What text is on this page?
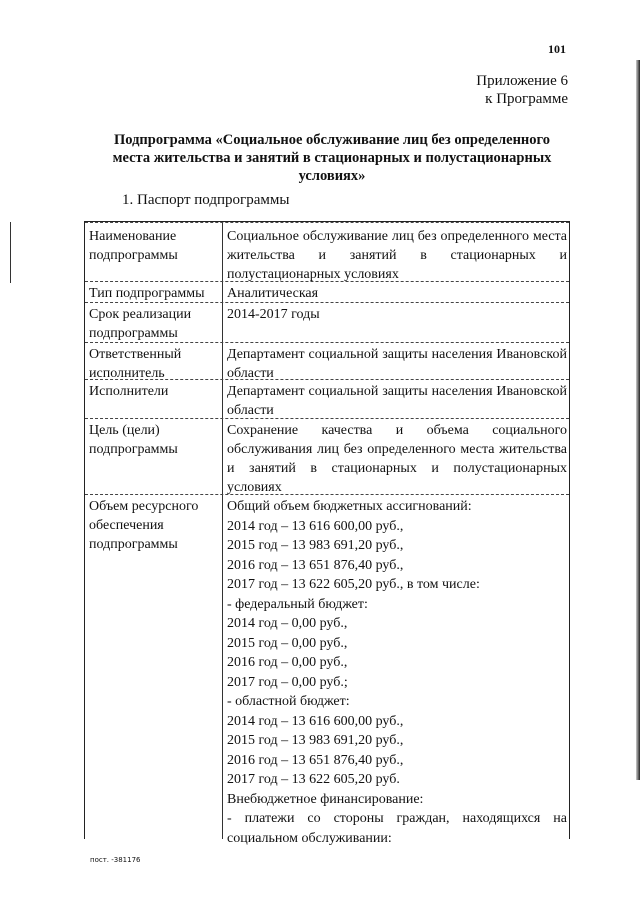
101
Приложение 6
к Программе
Подпрограмма «Социальное обслуживание лиц без определенного места жительства и занятий в стационарных и полустационарных условиях»
1. Паспорт подпрограммы
Наименование подпрограммы
Социальное обслуживание лиц без определенного места жительства и занятий в стационарных и полустационарных условиях
Тип подпрограммы	Аналитическая
Срок реализации подпрограммы
2014-2017 годы
Ответственный исполнитель
Департамент социальной защиты населения Ивановской области
Исполнители	Департамент социальной защиты населения Ивановской области
Цель (цели) подпрограммы
Сохранение качества и объема социального обслуживания лиц без определенного места жительства и занятий в стационарных и полустационарных условиях
Объем ресурсного обеспечения подпрограммы
Общий объем бюджетных ассигнований:
2014 год – 13 616 600,00 руб.,
2015 год – 13 983 691,20 руб.,
2016 год – 13 651 876,40 руб.,
2017 год – 13 622 605,20 руб., в том числе:
- федеральный бюджет:
2014 год – 0,00 руб.,
2015 год – 0,00 руб.,
2016 год – 0,00 руб.,
2017 год – 0,00 руб.;
- областной бюджет:
2014 год – 13 616 600,00 руб.,
2015 год – 13 983 691,20 руб.,
2016 год – 13 651 876,40 руб.,
2017 год – 13 622 605,20 руб.
Внебюджетное финансирование:
- платежи со стороны граждан, находящихся на социальном обслуживании:
пост. -381176
